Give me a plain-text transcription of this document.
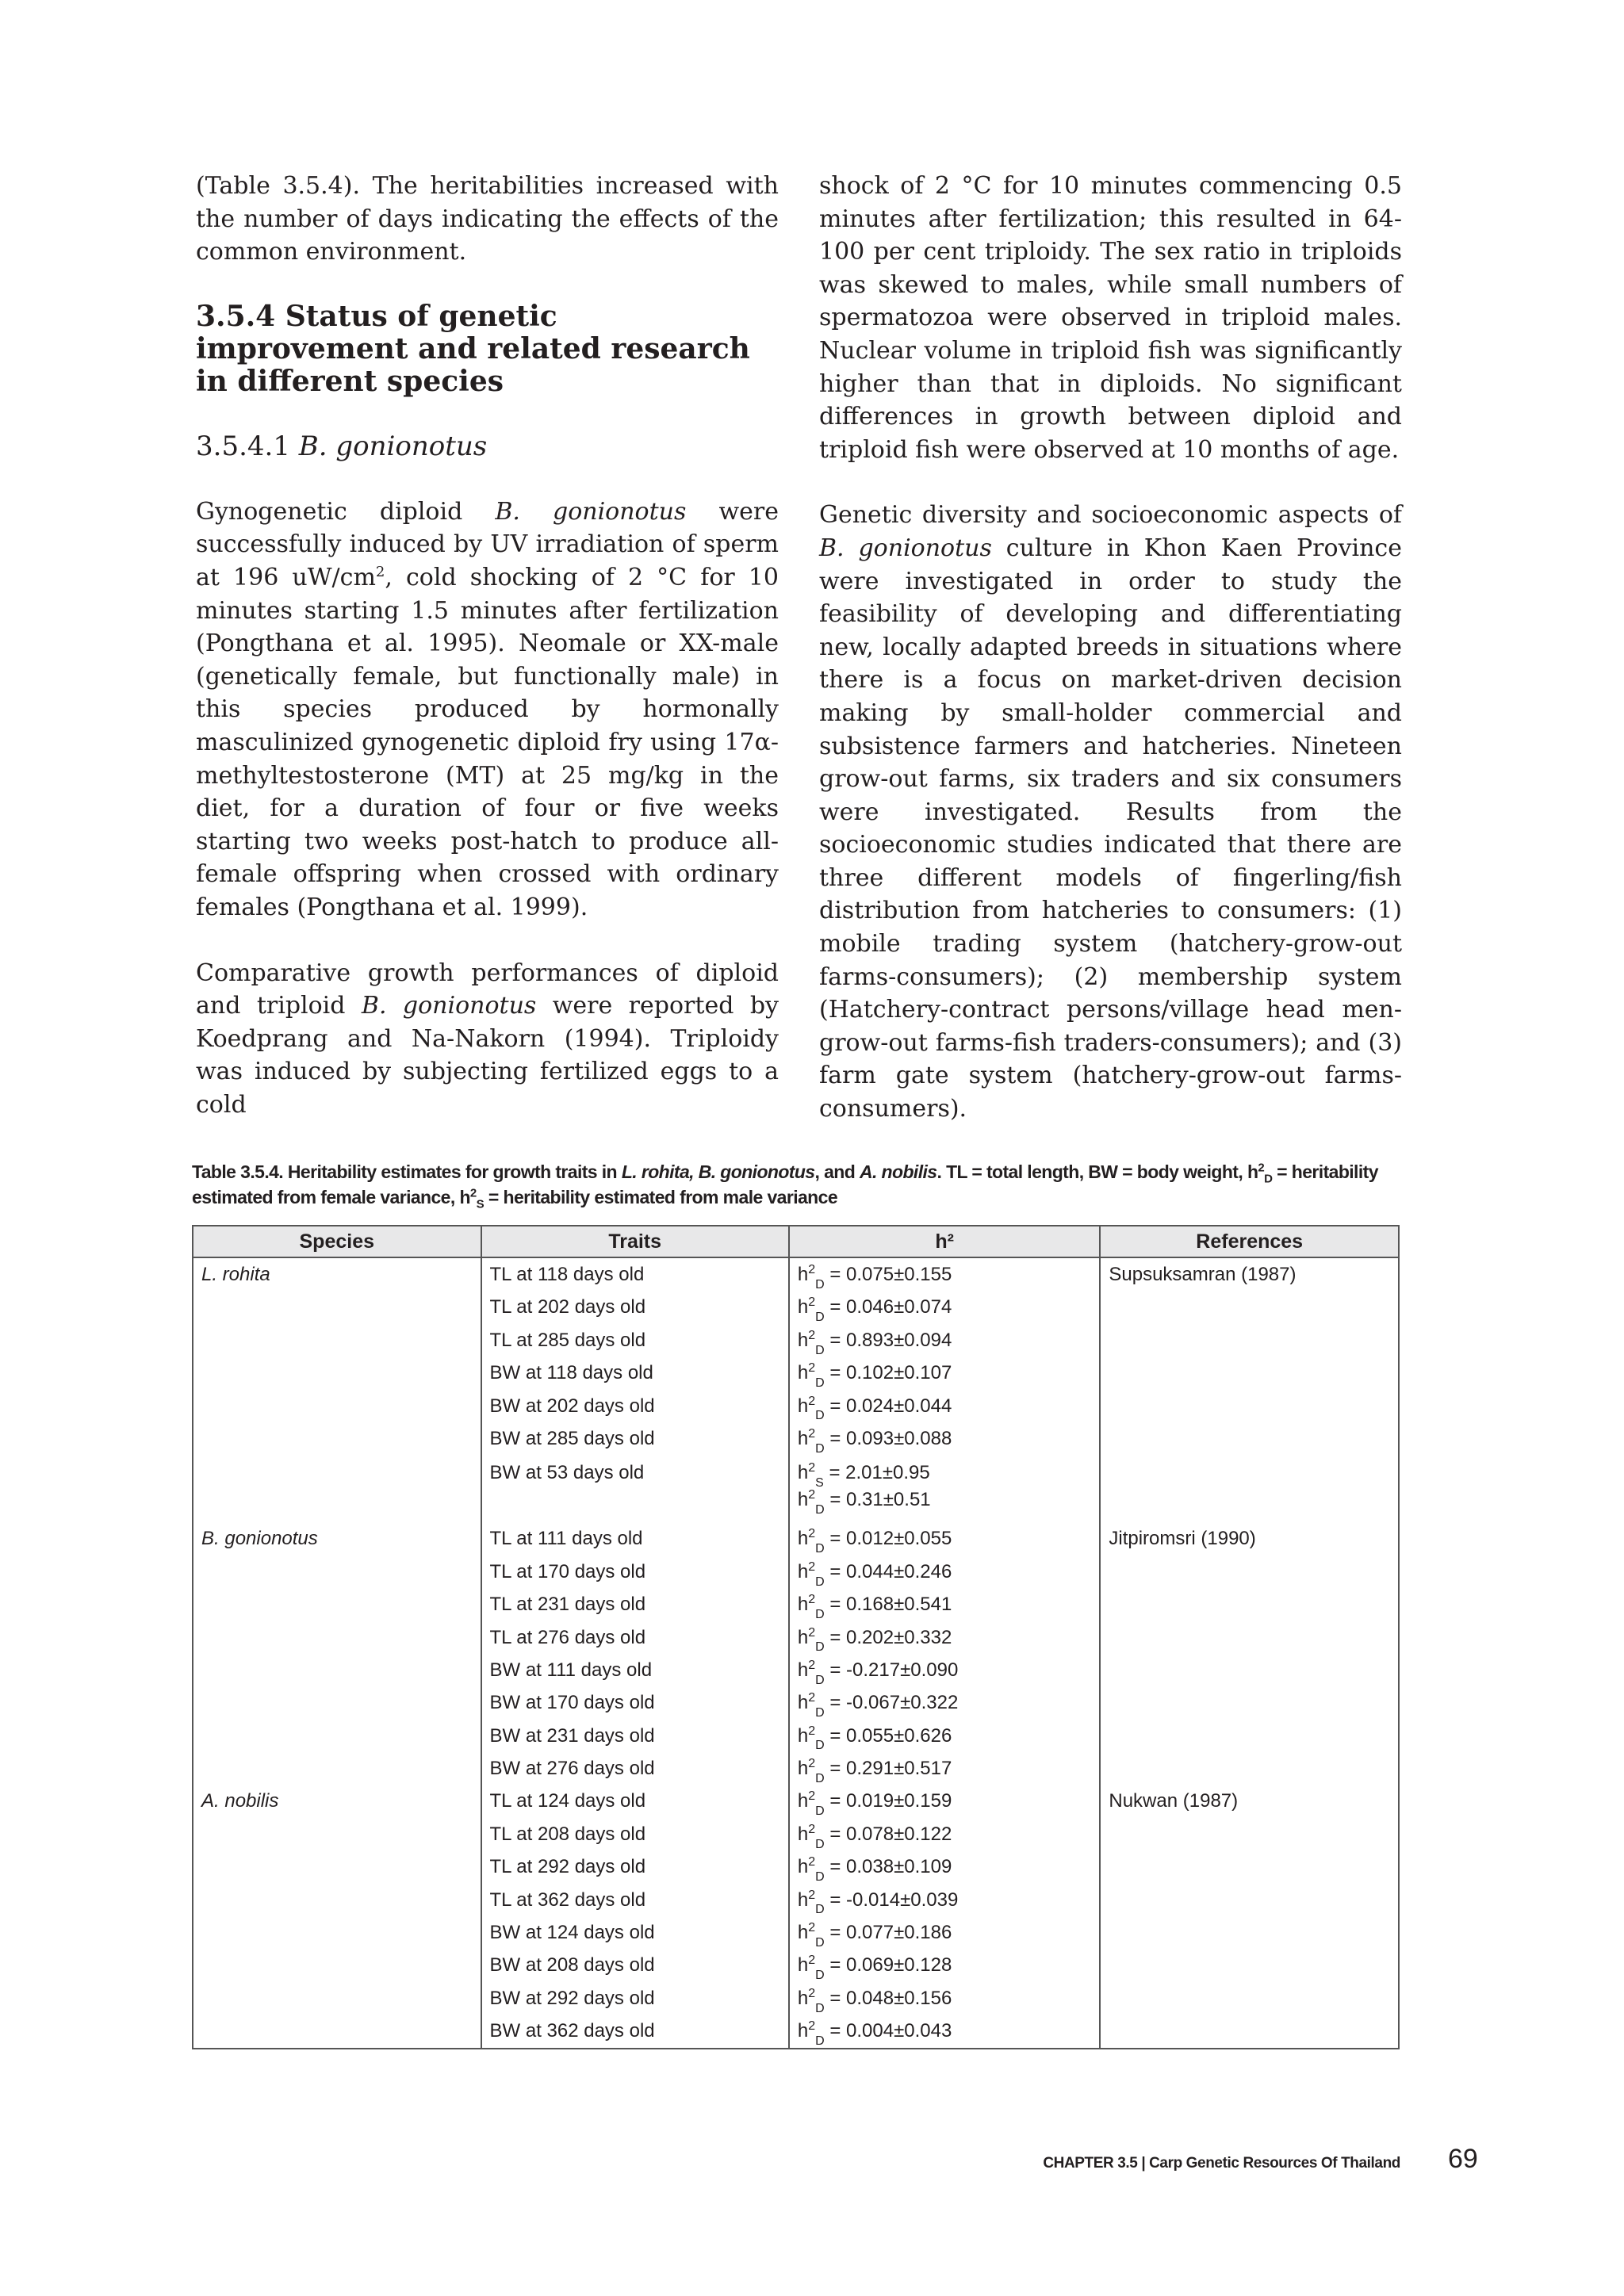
(Table 3.5.4). The heritabilities increased with the number of days indicating the effects of the common environment.

3.5.4 Status of genetic improvement and related research in different species
3.5.4.1 B. gonionotus

Gynogenetic diploid B. gonionotus were successfully induced by UV irradiation of sperm at 196 $uW/cm^2$, cold shocking of 2 °C for 10 minutes starting 1.5 minutes after fertilization (Pongthana et al. 1995). Neomale or XX-male (genetically female, but functionally male) in this species produced by hormonally masculinized gynogenetic diploid fry using 17α-methyltestosterone (MT) at 25 mg/kg in the diet, for a duration of four or five weeks starting two weeks post-hatch to produce all-female offspring when crossed with ordinary females (Pongthana et al. 1999).

Comparative growth performances of diploid and triploid B. gonionotus were reported by Koedprang and Na-Nakorn (1994). Triploidy was induced by subjecting fertilized eggs to a cold

shock of 2 °C for 10 minutes commencing 0.5 minutes after fertilization; this resulted in 64-100 per cent triploidy. The sex ratio in triploids was skewed to males, while small numbers of spermatozoa were observed in triploid males. Nuclear volume in triploid fish was significantly higher than that in diploids. No significant differences in growth between diploid and triploid fish were observed at 10 months of age.

Genetic diversity and socioeconomic aspects of B. gonionotus culture in Khon Kaen Province were investigated in order to study the feasibility of developing and differentiating new, locally adapted breeds in situations where there is a focus on market-driven decision making by small-holder commercial and subsistence farmers and hatcheries. Nineteen grow-out farms, six traders and six consumers were investigated. Results from the socioeconomic studies indicated that there are three different models of fingerling/fish distribution from hatcheries to consumers: (1) mobile trading system (hatchery-grow-out farms-consumers); (2) membership system (Hatchery-contract persons/village head men-grow-out farms-fish traders-consumers); and (3) farm gate system (hatchery-grow-out farms-consumers).

Table 3.5.4. Heritability estimates for growth traits in L. rohita, B. gonionotus, and A. nobilis. TL = total length, BW = body weight, $h^2_D$ = heritability estimated from female variance, $h^2_S$ = heritability estimated from male variance
Species	Traits	h²	References
L. rohita	TL at 118 days old	$h^2_D = 0.075\pm 0.155$	Supsuksamran (1987)
	TL at 202 days old	$h^2_D = 0.046\pm 0.074$	
	TL at 285 days old	$h^2_D = 0.893\pm 0.094$	
	BW at 118 days old	$h^2_D = 0.102\pm 0.107$	
	BW at 202 days old	$h^2_D = 0.024\pm 0.044$	
	BW at 285 days old	$h^2_D = 0.093\pm 0.088$	
	BW at 53 days old	$h^2_S = 2.01\pm 0.95$
$h^2_D = 0.31\pm 0.51$	
B. gonionotus	TL at 111 days old	$h^2_D = 0.012\pm 0.055$	Jitpiromsri (1990)
	TL at 170 days old	$h^2_D = 0.044\pm 0.246$	
	TL at 231 days old	$h^2_D = 0.168\pm 0.541$	
	TL at 276 days old	$h^2_D = 0.202\pm 0.332$	
	BW at 111 days old	$h^2_D = -0.217\pm 0.090$	
	BW at 170 days old	$h^2_D = -0.067\pm 0.322$	
	BW at 231 days old	$h^2_D = 0.055\pm 0.626$	
	BW at 276 days old	$h^2_D = 0.291\pm 0.517$	
A. nobilis	TL at 124 days old	$h^2_D = 0.019\pm 0.159$	Nukwan (1987)
	TL at 208 days old	$h^2_D = 0.078\pm 0.122$	
	TL at 292 days old	$h^2_D = 0.038\pm 0.109$	
	TL at 362 days old	$h^2_D = -0.014\pm 0.039$	
	BW at 124 days old	$h^2_D = 0.077\pm 0.186$	
	BW at 208 days old	$h^2_D = 0.069\pm 0.128$	
	BW at 292 days old	$h^2_D = 0.048\pm 0.156$	
	BW at 362 days old	$h^2_D = 0.004\pm 0.043$	
CHAPTER 3.5 | Carp Genetic Resources Of Thailand 69
